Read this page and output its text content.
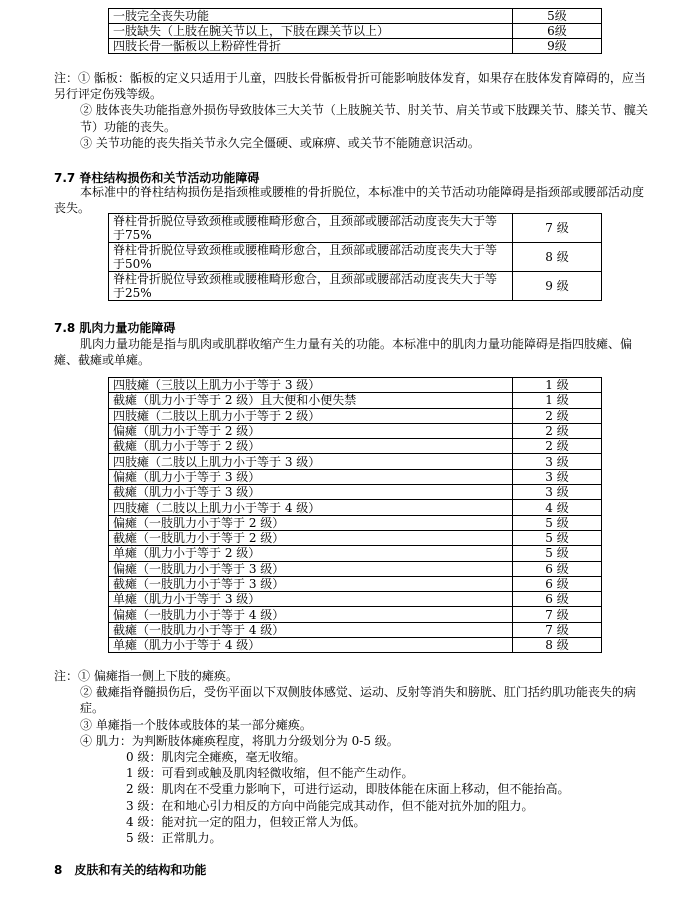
一肢完全丧失功能	5级
一肢缺失（上肢在腕关节以上，下肢在踝关节以上）	6级
四肢长骨一骺板以上粉碎性骨折	9级
注：① 骺板：骺板的定义只适用于儿童，四肢长骨骺板骨折可能影响肢体发育，如果存在肢体发育障碍的，应当另行评定伤残等级。
② 肢体丧失功能指意外损伤导致肢体三大关节（上肢腕关节、肘关节、肩关节或下肢踝关节、膝关节、髋关节）功能的丧失。
③ 关节功能的丧失指关节永久完全僵硬、或麻痹、或关节不能随意识活动。
7.7 脊柱结构损伤和关节活动功能障碍
本标准中的脊柱结构损伤是指颈椎或腰椎的骨折脱位，本标准中的关节活动功能障碍是指颈部或腰部活动度丧失。
脊柱骨折脱位导致颈椎或腰椎畸形愈合，且颈部或腰部活动度丧失大于等于75%	7 级
脊柱骨折脱位导致颈椎或腰椎畸形愈合，且颈部或腰部活动度丧失大于等于50%	8 级
脊柱骨折脱位导致颈椎或腰椎畸形愈合，且颈部或腰部活动度丧失大于等于25%	9 级
7.8 肌肉力量功能障碍
肌肉力量功能是指与肌肉或肌群收缩产生力量有关的功能。本标准中的肌肉力量功能障碍是指四肢瘫、偏瘫、截瘫或单瘫。
四肢瘫（三肢以上肌力小于等于 3 级）	1 级
截瘫（肌力小于等于 2 级）且大便和小便失禁	1 级
四肢瘫（二肢以上肌力小于等于 2 级）	2 级
偏瘫（肌力小于等于 2 级）	2 级
截瘫（肌力小于等于 2 级）	2 级
四肢瘫（二肢以上肌力小于等于 3 级）	3 级
偏瘫（肌力小于等于 3 级）	3 级
截瘫（肌力小于等于 3 级）	3 级
四肢瘫（二肢以上肌力小于等于 4 级）	4 级
偏瘫（一肢肌力小于等于 2 级）	5 级
截瘫（一肢肌力小于等于 2 级）	5 级
单瘫（肌力小于等于 2 级）	5 级
偏瘫（一肢肌力小于等于 3 级）	6 级
截瘫（一肢肌力小于等于 3 级）	6 级
单瘫（肌力小于等于 3 级）	6 级
偏瘫（一肢肌力小于等于 4 级）	7 级
截瘫（一肢肌力小于等于 4 级）	7 级
单瘫（肌力小于等于 4 级）	8 级
注：① 偏瘫指一侧上下肢的瘫痪。
② 截瘫指脊髓损伤后，受伤平面以下双侧肢体感觉、运动、反射等消失和膀胱、肛门括约肌功能丧失的病症。
③ 单瘫指一个肢体或肢体的某一部分瘫痪。
④ 肌力：为判断肢体瘫痪程度，将肌力分级划分为 0-5 级。
0 级：肌肉完全瘫痪，毫无收缩。
1 级：可看到或触及肌肉轻微收缩，但不能产生动作。
2 级：肌肉在不受重力影响下，可进行运动，即肢体能在床面上移动，但不能抬高。
3 级：在和地心引力相反的方向中尚能完成其动作，但不能对抗外加的阻力。
4 级：能对抗一定的阻力，但较正常人为低。
5 级：正常肌力。
8　皮肤和有关的结构和功能
